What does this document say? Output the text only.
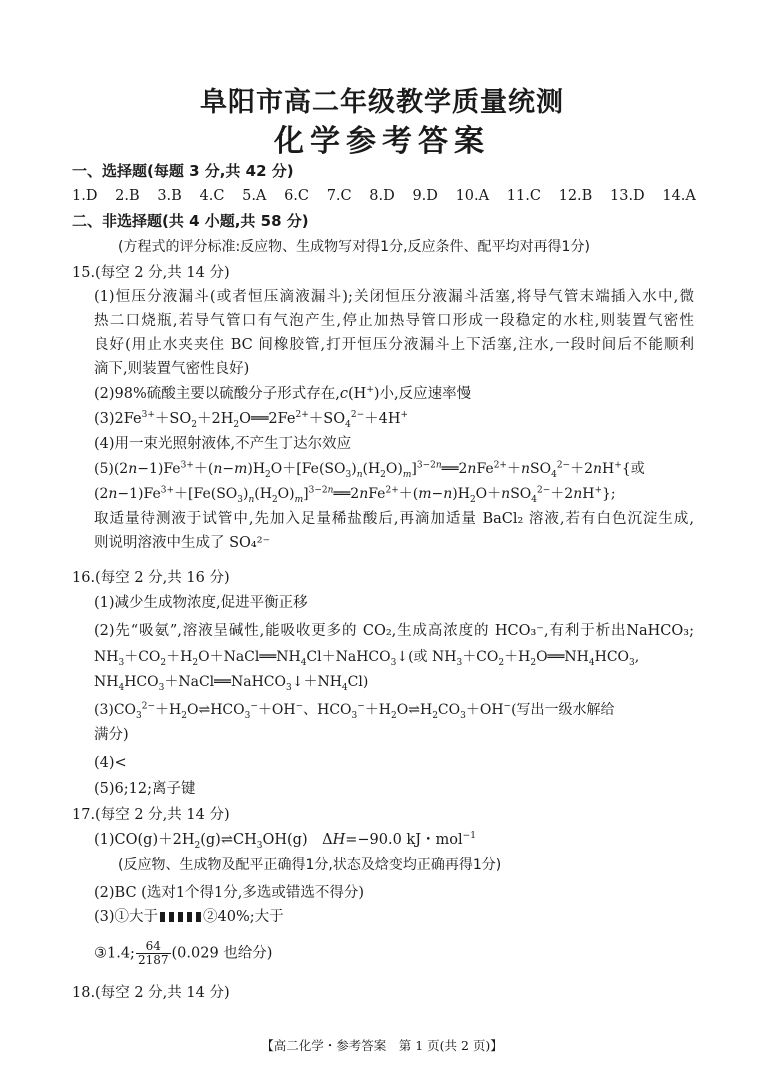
阜阳市高二年级教学质量统测
化学参考答案
一、选择题(每题 3 分,共 42 分)
1.D 2.B 3.B 4.C 5.A 6.C 7.C 8.D 9.D 10.A 11.C 12.B 13.D 14.A
二、非选择题(共 4 小题,共 58 分)
(方程式的评分标准:反应物、生成物写对得1分,反应条件、配平均对再得1分)
15.(每空 2 分,共 14 分)
(1)恒压分液漏斗(或者恒压滴液漏斗);关闭恒压分液漏斗活塞,将导气管末端插入水中,微
热二口烧瓶,若导气管口有气泡产生,停止加热导管口形成一段稳定的水柱,则装置气密性
良好(用止水夹夹住 BC 间橡胶管,打开恒压分液漏斗上下活塞,注水,一段时间后不能顺利
滴下,则装置气密性良好)
(2)98%硫酸主要以硫酸分子形式存在,c(H+)小,反应速率慢
$(3)2Fe^{3+}+SO_2+2H_2O══2Fe^{2+}+SO_4^{2-}+4H^+$
(4)用一束光照射液体,不产生丁达尔效应
$(5)(2n-1)Fe^{3+}+(n-m)H_2O+[Fe(SO_3)_n(H_2O)_m]^{3-2n}══2nFe^{2+}+nSO_4^{2-}+2nH^+${或
$(2n-1)Fe^{3+}+[Fe(SO_3)_n(H_2O)_m]^{3-2n}══2nFe^{2+}+(m-n)H_2O+nSO_4^{2-}+2nH^+$};
取适量待测液于试管中,先加入足量稀盐酸后,再滴加适量 BaCl₂ 溶液,若有白色沉淀生成,
则说明溶液中生成了 SO₄²⁻
16.(每空 2 分,共 16 分)
(1)减少生成物浓度,促进平衡正移
(2)先“吸氨”,溶液呈碱性,能吸收更多的 CO₂,生成高浓度的 HCO₃⁻,有利于析出NaHCO₃;
$NH_3+CO_2+H_2O+NaCl══NH_4Cl+NaHCO_3↓$(或 $NH_3+CO_2+H_2O══NH_4HCO_3$,
$NH_4HCO_3+NaCl══NaHCO_3↓+NH_4Cl$)
$(3)CO_3^{2-}+H_2O\rightleftharpoons HCO_3^-+OH^-$、$HCO_3^-+H_2O\rightleftharpoons H_2CO_3+OH^-$(写出一级水解给
满分)
(4)<
(5)6;12;离子键
17.(每空 2 分,共 14 分)
$(1)CO(g)+2H_2(g)\rightleftharpoons CH_3OH(g)$　ΔH=−90.0 kJ・mol$^{-1}$
(反应物、生成物及配平正确得1分,状态及焓变均正确再得1分)
(2)BC (选对1个得1分,多选或错选不得分)
(3)①大于	②40%;大于
③1.4; $\frac{64}{2187} (0.029$ 也给分)
18.(每空 2 分,共 14 分)
【高二化学・参考答案　第 1 页(共 2 页)】
